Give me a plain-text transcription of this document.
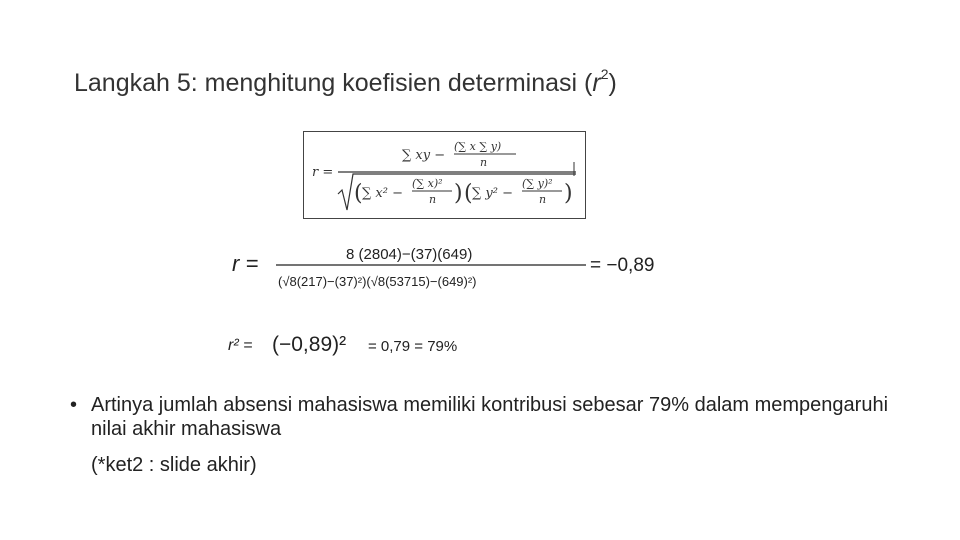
Langkah 5: menghitung koefisien determinasi $(r^2)$
r =
∑ xy −
(∑ x ∑ y)
n
( ∑ x² −
(∑ x)²
n ) ( ∑ y² −
(∑ y)²
n )
r =	8 (2804)−(37)(649)
(√8(217)−(37)²)(√8(53715)−(649)²)
= −0,89
r² = (−0,89)² = 0,79 = 79%
• Artinya jumlah absensi mahasiswa memiliki kontribusi sebesar 79% dalam mempengaruhi nilai akhir mahasiswa
(*ket2 : slide akhir)
